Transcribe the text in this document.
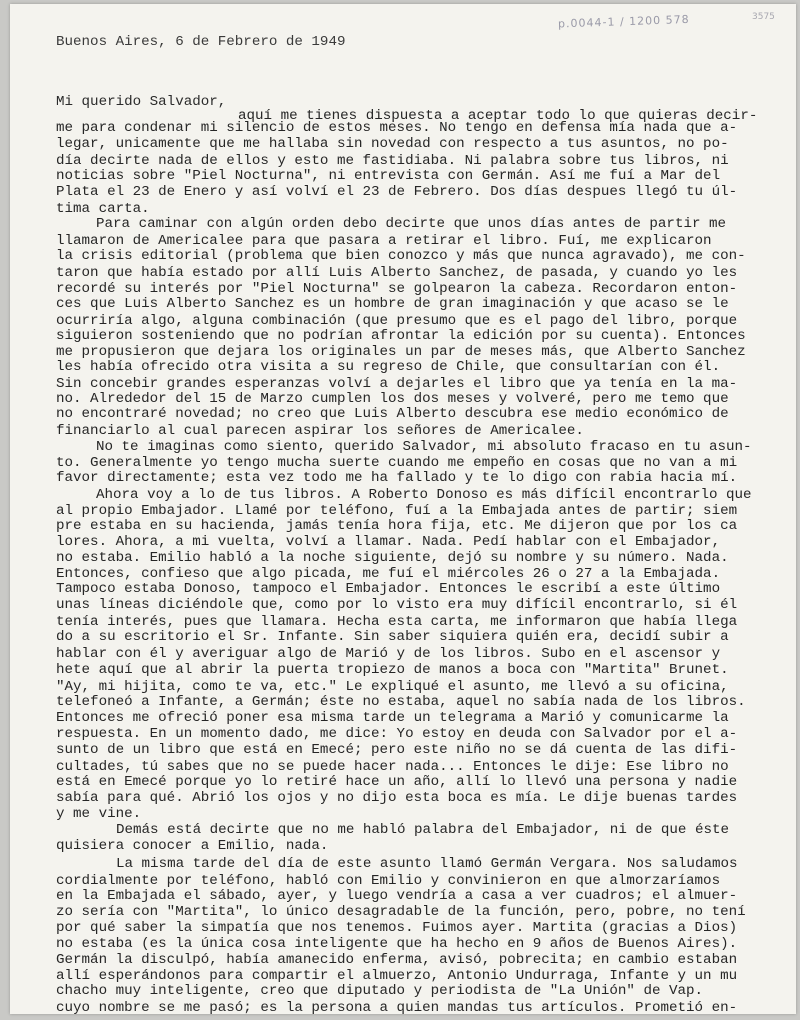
p.0044-1 / 1200 578	3575
Buenos Aires, 6 de Febrero de 1949
Mi querido Salvador,
aquí me tienes dispuesta a aceptar todo lo que quieras decir-
me para condenar mi silencio de estos meses. No tengo en defensa mía nada que a-
legar, unicamente que me hallaba sin novedad con respecto a tus asuntos, no po-
día decirte nada de ellos y esto me fastidiaba. Ni palabra sobre tus libros, ni
noticias sobre "Piel Nocturna", ni entrevista con Germán. Así me fuí a Mar del
Plata el 23 de Enero y así volví el 23 de Febrero. Dos días despues llegó tu úl-
tima carta.
Para caminar con algún orden debo decirte que unos días antes de partir me
llamaron de Americalee para que pasara a retirar el libro. Fuí, me explicaron
la crisis editorial (problema que bien conozco y más que nunca agravado), me con-
taron que había estado por allí Luis Alberto Sanchez, de pasada, y cuando yo les
recordé su interés por "Piel Nocturna" se golpearon la cabeza. Recordaron enton-
ces que Luis Alberto Sanchez es un hombre de gran imaginación y que acaso se le
ocurriría algo, alguna combinación (que presumo que es el pago del libro, porque
siguieron sosteniendo que no podrían afrontar la edición por su cuenta). Entonces
me propusieron que dejara los originales un par de meses más, que Alberto Sanchez
les había ofrecido otra visita a su regreso de Chile, que consultarían con él.
Sin concebir grandes esperanzas volví a dejarles el libro que ya tenía en la ma-
no. Alrededor del 15 de Marzo cumplen los dos meses y volveré, pero me temo que
no encontraré novedad; no creo que Luis Alberto descubra ese medio económico de
financiarlo al cual parecen aspirar los señores de Americalee.
No te imaginas como siento, querido Salvador, mi absoluto fracaso en tu asun-
to. Generalmente yo tengo mucha suerte cuando me empeño en cosas que no van a mi
favor directamente; esta vez todo me ha fallado y te lo digo con rabia hacia mí.
Ahora voy a lo de tus libros. A Roberto Donoso es más difícil encontrarlo que
al propio Embajador. Llamé por teléfono, fuí a la Embajada antes de partir; siem
pre estaba en su hacienda, jamás tenía hora fija, etc. Me dijeron que por los ca
lores. Ahora, a mi vuelta, volví a llamar. Nada. Pedí hablar con el Embajador,
no estaba. Emilio habló a la noche siguiente, dejó su nombre y su número. Nada.
Entonces, confieso que algo picada, me fuí el miércoles 26 o 27 a la Embajada.
Tampoco estaba Donoso, tampoco el Embajador. Entonces le escribí a este último
unas líneas diciéndole que, como por lo visto era muy difícil encontrarlo, si él
tenía interés, pues que llamara. Hecha esta carta, me informaron que había llega
do a su escritorio el Sr. Infante. Sin saber siquiera quién era, decidí subir a
hablar con él y averiguar algo de Marió y de los libros. Subo en el ascensor y
hete aquí que al abrir la puerta tropiezo de manos a boca con "Martita" Brunet.
"Ay, mi hijita, como te va, etc." Le expliqué el asunto, me llevó a su oficina,
telefoneó a Infante, a Germán; éste no estaba, aquel no sabía nada de los libros.
Entonces me ofreció poner esa misma tarde un telegrama a Marió y comunicarme la
respuesta. En un momento dado, me dice: Yo estoy en deuda con Salvador por el a-
sunto de un libro que está en Emecé; pero este niño no se dá cuenta de las difi-
cultades, tú sabes que no se puede hacer nada... Entonces le dije: Ese libro no
está en Emecé porque yo lo retiré hace un año, allí lo llevó una persona y nadie
sabía para qué. Abrió los ojos y no dijo esta boca es mía. Le dije buenas tardes
y me vine.
Demás está decirte que no me habló palabra del Embajador, ni de que éste
quisiera conocer a Emilio, nada.
La misma tarde del día de este asunto llamó Germán Vergara. Nos saludamos
cordialmente por teléfono, habló con Emilio y convinieron en que almorzaríamos
en la Embajada el sábado, ayer, y luego vendría a casa a ver cuadros; el almuer-
zo sería con "Martita", lo único desagradable de la función, pero, pobre, no tení
por qué saber la simpatía que nos tenemos. Fuimos ayer. Martita (gracias a Dios)
no estaba (es la única cosa inteligente que ha hecho en 9 años de Buenos Aires).
Germán la disculpó, había amanecido enferma, avisó, pobrecita; en cambio estaban
allí esperándonos para compartir el almuerzo, Antonio Undurraga, Infante y un mu
chacho muy inteligente, creo que diputado y periodista de "La Unión" de Vap.
cuyo nombre se me pasó; es la persona a quien mandas tus artículos. Prometió en-
